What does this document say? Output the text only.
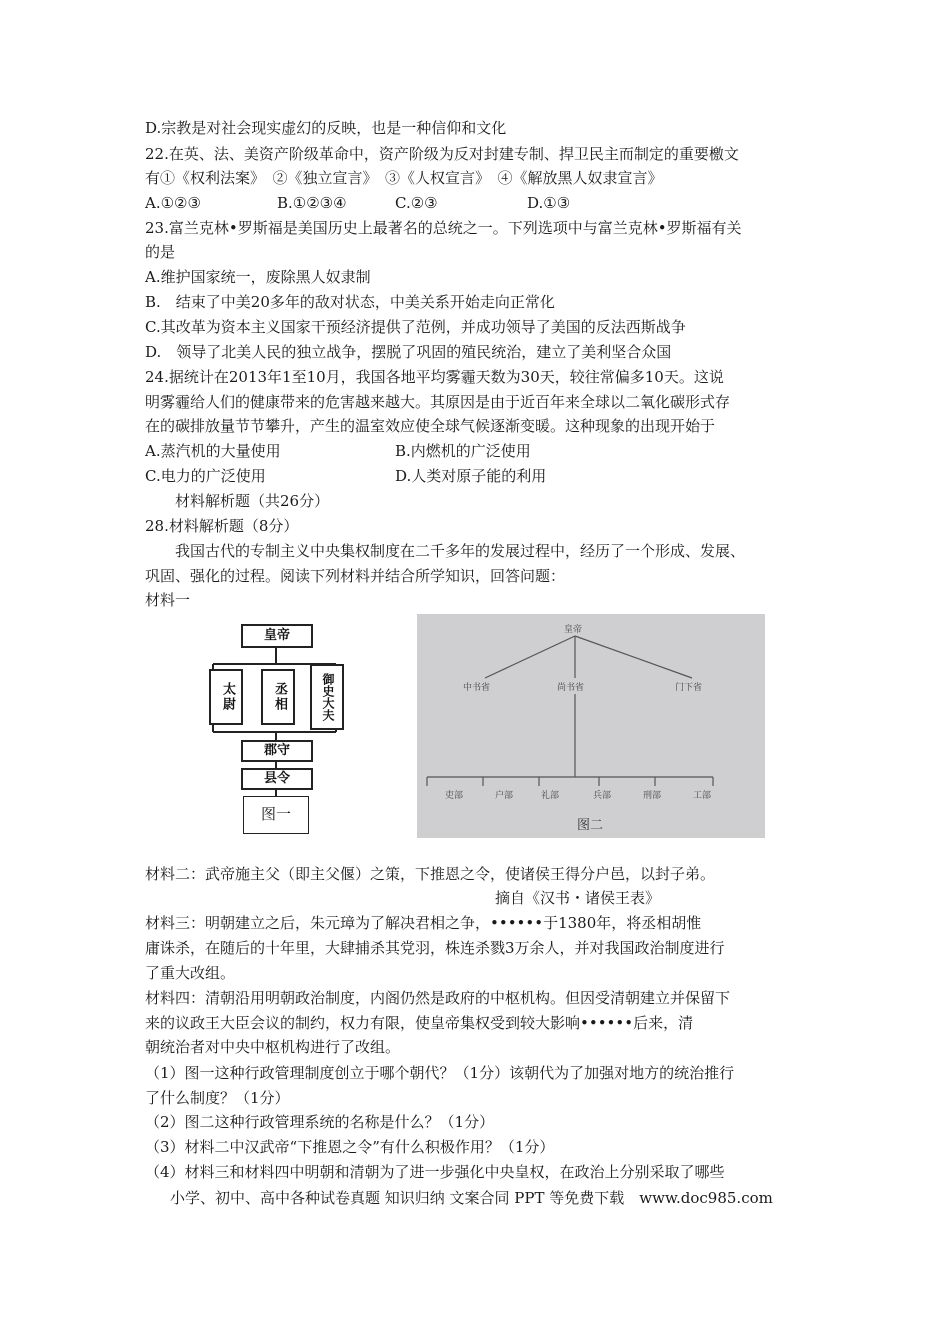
D.宗教是对社会现实虚幻的反映，也是一种信仰和文化
22.在英、法、美资产阶级革命中，资产阶级为反对封建专制、捍卫民主而制定的重要檄文
有①《权利法案》　②《独立宣言》　③《人权宣言》　④《解放黑人奴隶宣言》
A.①②③	B.①②③④	C.②③	D.①③
23.富兰克林•罗斯福是美国历史上最著名的总统之一。下列选项中与富兰克林•罗斯福有关
的是
A.维护国家统一，废除黑人奴隶制
B.　结束了中美20多年的敌对状态，中美关系开始走向正常化
C.其改革为资本主义国家干预经济提供了范例，并成功领导了美国的反法西斯战争
D.　领导了北美人民的独立战争，摆脱了巩固的殖民统治，建立了美利坚合众国
24.据统计在2013年1至10月，我国各地平均雾霾天数为30天，较往常偏多10天。这说
明雾霾给人们的健康带来的危害越来越大。其原因是由于近百年来全球以二氧化碳形式存
在的碳排放量节节攀升，产生的温室效应使全球气候逐渐变暖。这种现象的出现开始于
A.蒸汽机的大量使用	B.内燃机的广泛使用
C.电力的广泛使用	D.人类对原子能的利用
材料解析题（共26分）
28.材料解析题（8分）
我国古代的专制主义中央集权制度在二千多年的发展过程中，经历了一个形成、发展、
巩固、强化的过程。阅读下列材料并结合所学知识，回答问题：
材料一
材料二：武帝施主父（即主父偃）之策，下推恩之令，使诸侯王得分户邑，以封子弟。
摘自《汉书・诸侯王表》
材料三：明朝建立之后，朱元璋为了解决君相之争，••••••于1380年，将丞相胡惟
庸诛杀，在随后的十年里，大肆捕杀其党羽，株连杀戮3万余人，并对我国政治制度进行
了重大改组。
材料四：清朝沿用明朝政治制度，内阁仍然是政府的中枢机构。但因受清朝建立并保留下
来的议政王大臣会议的制约，权力有限，使皇帝集权受到较大影响••••••后来，清
朝统治者对中央中枢机构进行了改组。
（1）图一这种行政管理制度创立于哪个朝代？（1分）该朝代为了加强对地方的统治推行
了什么制度？（1分）
（2）图二这种行政管理系统的名称是什么？（1分）
（3）材料二中汉武帝“下推恩之令”有什么积极作用？（1分）
（4）材料三和材料四中明朝和清朝为了进一步强化中央皇权，在政治上分别采取了哪些
小学、初中、高中各种试卷真题 知识归纳 文案合同 PPT 等免费下载　www.doc985.com
皇帝
太尉	丞相	御史大夫
郡守
县令
图一
皇帝
中书省	尚书省	门下省
吏部	户部	礼部	兵部	刑部	工部
图二
